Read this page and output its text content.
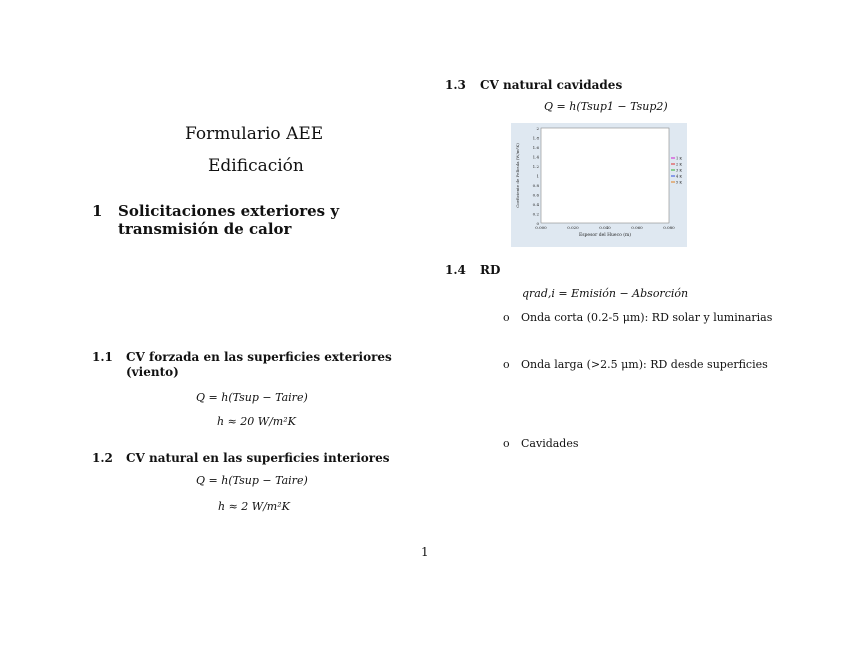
Formulario AEE
Edificación
1 Solicitaciones exteriores y transmisión de calor
1.1 CV forzada en las superficies exteriores (viento)
Q = h(Tsup − Taire)
h ≈ 20 W/m²K
1.2 CV natural en las superficies interiores
Q = h(Tsup − Taire)
h ≈ 2 W/m²K
1.3 CV natural cavidades
Q = h(Tsup1 − Tsup2)
0
0.2
0.4
0.6
0.8
1
1.2
1.4
1.6
1.8
2
0.000	0.020	0.040	0.060	0.080
Espesor del Hueco (m)
Coeficiente de Película (W/m²K)	1 K
2 K
3 K
4 K
5 K
1.4 RD
qrad,i = Emisión − Absorción
o Onda corta (0.2-5 μm): RD solar y luminarias
o Onda larga (>2.5 μm): RD desde superficies
o Cavidades
1
